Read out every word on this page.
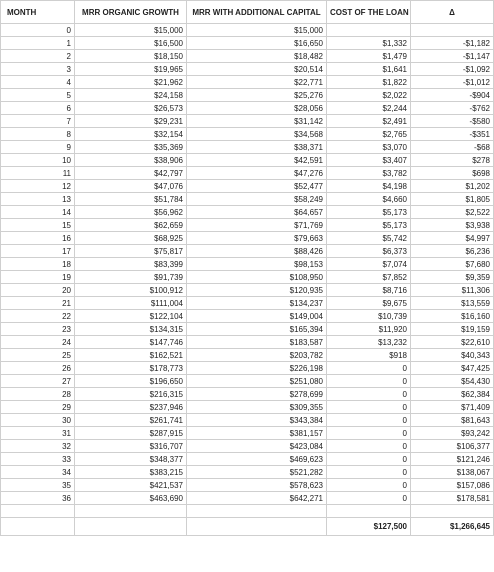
MONTH	MRR ORGANIC GROWTH	MRR WITH ADDITIONAL CAPITAL	COST OF THE LOAN	Δ
0	$15,000	$15,000		
1	$16,500	$16,650	$1,332	-$1,182
2	$18,150	$18,482	$1,479	-$1,147
3	$19,965	$20,514	$1,641	-$1,092
4	$21,962	$22,771	$1,822	-$1,012
5	$24,158	$25,276	$2,022	-$904
6	$26,573	$28,056	$2,244	-$762
7	$29,231	$31,142	$2,491	-$580
8	$32,154	$34,568	$2,765	-$351
9	$35,369	$38,371	$3,070	-$68
10	$38,906	$42,591	$3,407	$278
11	$42,797	$47,276	$3,782	$698
12	$47,076	$52,477	$4,198	$1,202
13	$51,784	$58,249	$4,660	$1,805
14	$56,962	$64,657	$5,173	$2,522
15	$62,659	$71,769	$5,173	$3,938
16	$68,925	$79,663	$5,742	$4,997
17	$75,817	$88,426	$6,373	$6,236
18	$83,399	$98,153	$7,074	$7,680
19	$91,739	$108,950	$7,852	$9,359
20	$100,912	$120,935	$8,716	$11,306
21	$111,004	$134,237	$9,675	$13,559
22	$122,104	$149,004	$10,739	$16,160
23	$134,315	$165,394	$11,920	$19,159
24	$147,746	$183,587	$13,232	$22,610
25	$162,521	$203,782	$918	$40,343
26	$178,773	$226,198	0	$47,425
27	$196,650	$251,080	0	$54,430
28	$216,315	$278,699	0	$62,384
29	$237,946	$309,355	0	$71,409
30	$261,741	$343,384	0	$81,643
31	$287,915	$381,157	0	$93,242
32	$316,707	$423,084	0	$106,377
33	$348,377	$469,623	0	$121,246
34	$383,215	$521,282	0	$138,067
35	$421,537	$578,623	0	$157,086
36	$463,690	$642,271	0	$178,581

			$127,500	$1,266,645
